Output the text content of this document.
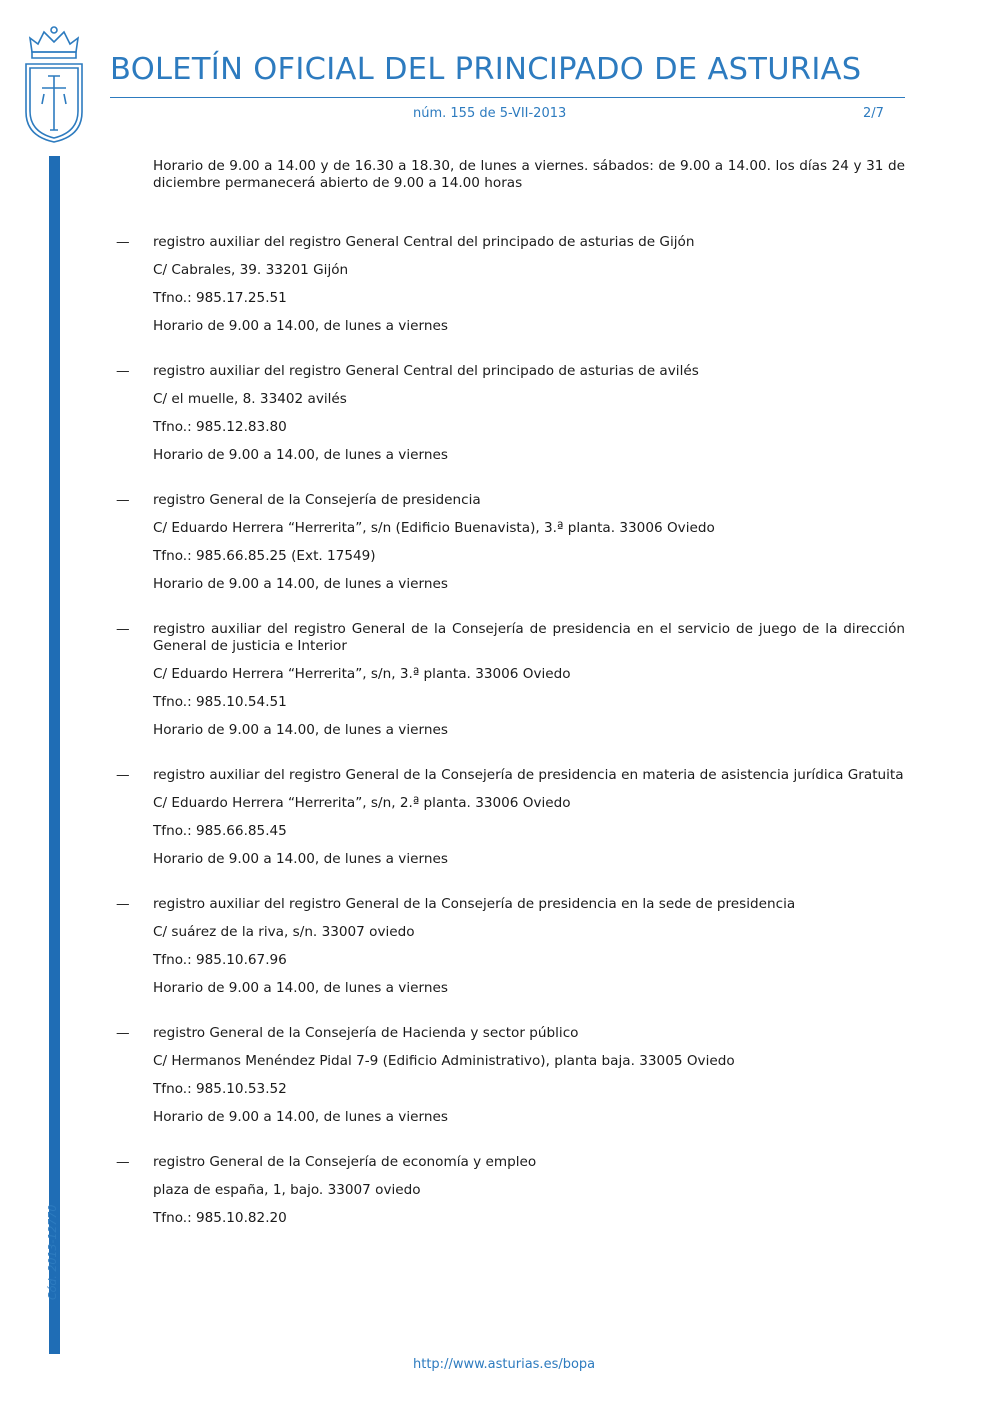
BOLETÍN OFICIAL DEL PRINCIPADO DE ASTURIAS
núm. 155 de 5-VII-2013	2/7
Cód. 2013-12770

Horario de 9.00 a 14.00 y de 16.30 a 18.30, de lunes a viernes. sábados: de 9.00 a 14.00. los días 24 y 31 de diciembre permanecerá abierto de 9.00 a 14.00 horas

— registro auxiliar del registro General Central del principado de asturias de Gijón

C/ Cabrales, 39. 33201 Gijón

Tfno.: 985.17.25.51

Horario de 9.00 a 14.00, de lunes a viernes

— registro auxiliar del registro General Central del principado de asturias de avilés

C/ el muelle, 8. 33402 avilés

Tfno.: 985.12.83.80

Horario de 9.00 a 14.00, de lunes a viernes

— registro General de la Consejería de presidencia

C/ Eduardo Herrera “Herrerita”, s/n (Edificio Buenavista), 3.ª planta. 33006 Oviedo

Tfno.: 985.66.85.25 (Ext. 17549)

Horario de 9.00 a 14.00, de lunes a viernes

— registro auxiliar del registro General de la Consejería de presidencia en el servicio de juego de la dirección General de justicia e Interior

C/ Eduardo Herrera “Herrerita”, s/n, 3.ª planta. 33006 Oviedo

Tfno.: 985.10.54.51

Horario de 9.00 a 14.00, de lunes a viernes

— registro auxiliar del registro General de la Consejería de presidencia en materia de asistencia jurídica Gratuita

C/ Eduardo Herrera “Herrerita”, s/n, 2.ª planta. 33006 Oviedo

Tfno.: 985.66.85.45

Horario de 9.00 a 14.00, de lunes a viernes

— registro auxiliar del registro General de la Consejería de presidencia en la sede de presidencia

C/ suárez de la riva, s/n. 33007 oviedo

Tfno.: 985.10.67.96

Horario de 9.00 a 14.00, de lunes a viernes

— registro General de la Consejería de Hacienda y sector público

C/ Hermanos Menéndez Pidal 7-9 (Edificio Administrativo), planta baja. 33005 Oviedo

Tfno.: 985.10.53.52

Horario de 9.00 a 14.00, de lunes a viernes

— registro General de la Consejería de economía y empleo

plaza de españa, 1, bajo. 33007 oviedo

Tfno.: 985.10.82.20

http://www.asturias.es/bopa
